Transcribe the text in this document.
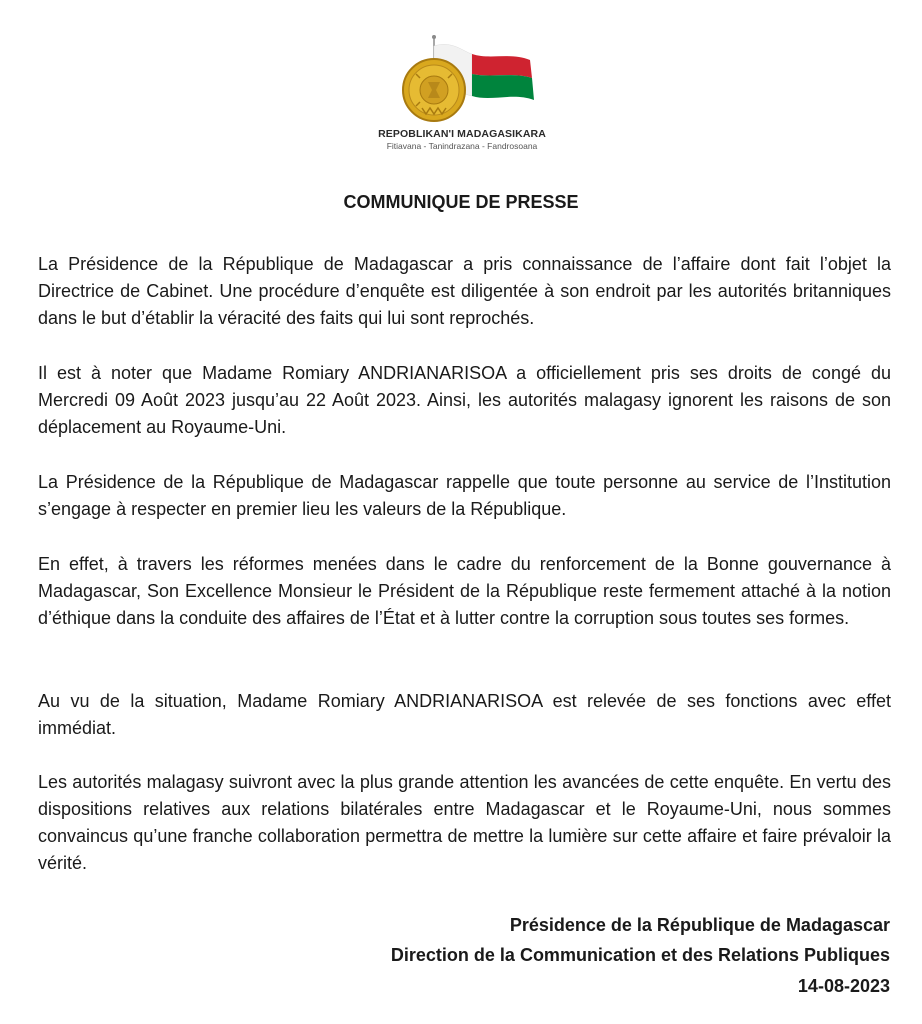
REPOBLIKAN'I MADAGASIKARA
Fitiavana - Tanindrazana - Fandrosoana
COMMUNIQUE DE PRESSE

La Présidence de la République de Madagascar a pris connaissance de l’affaire dont fait l’objet la Directrice de Cabinet. Une procédure d’enquête est diligentée à son endroit par les autorités britanniques dans le but d’établir la véracité des faits qui lui sont reprochés.

Il est à noter que Madame Romiary ANDRIANARISOA a officiellement pris ses droits de congé du Mercredi 09 Août 2023 jusqu’au 22 Août 2023. Ainsi, les autorités malagasy ignorent les raisons de son déplacement au Royaume-Uni.

La Présidence de la République de Madagascar rappelle que toute personne au service de l’Institution s’engage à respecter en premier lieu les valeurs de la République.

En effet, à travers les réformes menées dans le cadre du renforcement de la Bonne gouvernance à Madagascar, Son Excellence Monsieur le Président de la République reste fermement attaché à la notion d’éthique dans la conduite des affaires de l’État et à lutter contre la corruption sous toutes ses formes.

Au vu de la situation, Madame Romiary ANDRIANARISOA est relevée de ses fonctions avec effet immédiat.

Les autorités malagasy suivront avec la plus grande attention les avancées de cette enquête. En vertu des dispositions relatives aux relations bilatérales entre Madagascar et le Royaume-Uni, nous sommes convaincus qu’une franche collaboration permettra de mettre la lumière sur cette affaire et faire prévaloir la vérité.

Présidence de la République de Madagascar
Direction de la Communication et des Relations Publiques
14-08-2023
